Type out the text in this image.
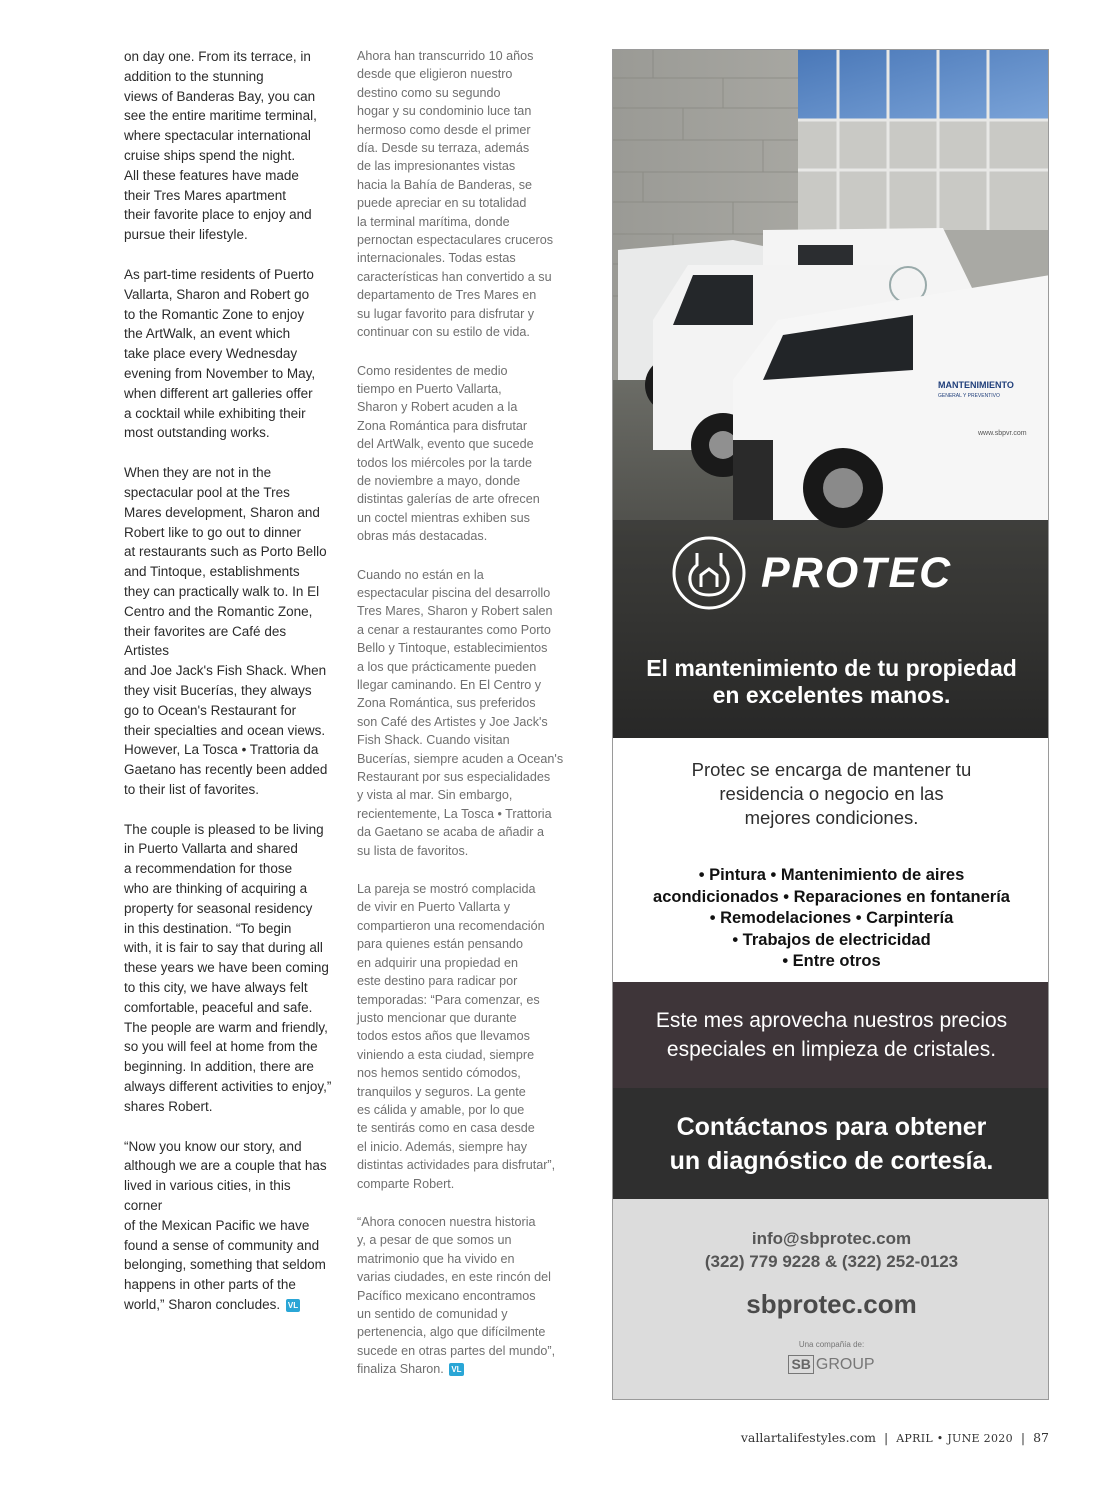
on day one. From its terrace, in
addition to the stunning
views of Banderas Bay, you can
see the entire maritime terminal,
where spectacular international
cruise ships spend the night.
All these features have made
their Tres Mares apartment
their favorite place to enjoy and
pursue their lifestyle.

As part-time residents of Puerto
Vallarta, Sharon and Robert go
to the Romantic Zone to enjoy
the ArtWalk, an event which
take place every Wednesday
evening from November to May,
when different art galleries offer
a cocktail while exhibiting their
most outstanding works.

When they are not in the
spectacular pool at the Tres
Mares development, Sharon and
Robert like to go out to dinner
at restaurants such as Porto Bello
and Tintoque, establishments
they can practically walk to. In El
Centro and the Romantic Zone,
their favorites are Café des Artistes
and Joe Jack's Fish Shack. When
they visit Bucerías, they always
go to Ocean's Restaurant for
their specialties and ocean views.
However, La Tosca • Trattoria da
Gaetano has recently been added
to their list of favorites.

The couple is pleased to be living
in Puerto Vallarta and shared
a recommendation for those
who are thinking of acquiring a
property for seasonal residency
in this destination. “To begin
with, it is fair to say that during all
these years we have been coming
to this city, we have always felt
comfortable, peaceful and safe.
The people are warm and friendly,
so you will feel at home from the
beginning. In addition, there are
always different activities to enjoy,”
shares Robert.

“Now you know our story, and
although we are a couple that has
lived in various cities, in this corner
of the Mexican Pacific we have
found a sense of community and
belonging, something that seldom
happens in other parts of the
world,” Sharon concludes. VL

Ahora han transcurrido 10 años
desde que eligieron nuestro
destino como su segundo
hogar y su condominio luce tan
hermoso como desde el primer
día. Desde su terraza, además
de las impresionantes vistas
hacia la Bahía de Banderas, se
puede apreciar en su totalidad
la terminal marítima, donde
pernoctan espectaculares cruceros
internacionales. Todas estas
características han convertido a su
departamento de Tres Mares en
su lugar favorito para disfrutar y
continuar con su estilo de vida.

Como residentes de medio
tiempo en Puerto Vallarta,
Sharon y Robert acuden a la
Zona Romántica para disfrutar
del ArtWalk, evento que sucede
todos los miércoles por la tarde
de noviembre a mayo, donde
distintas galerías de arte ofrecen
un coctel mientras exhiben sus
obras más destacadas.

Cuando no están en la
espectacular piscina del desarrollo
Tres Mares, Sharon y Robert salen
a cenar a restaurantes como Porto
Bello y Tintoque, establecimientos
a los que prácticamente pueden
llegar caminando. En El Centro y
Zona Romántica, sus preferidos
son Café des Artistes y Joe Jack's
Fish Shack. Cuando visitan
Bucerías, siempre acuden a Ocean's
Restaurant por sus especialidades
y vista al mar. Sin embargo,
recientemente, La Tosca • Trattoria
da Gaetano se acaba de añadir a
su lista de favoritos.

La pareja se mostró complacida
de vivir en Puerto Vallarta y
compartieron una recomendación
para quienes están pensando
en adquirir una propiedad en
este destino para radicar por
temporadas: “Para comenzar, es
justo mencionar que durante
todos estos años que llevamos
viniendo a esta ciudad, siempre
nos hemos sentido cómodos,
tranquilos y seguros. La gente
es cálida y amable, por lo que
te sentirás como en casa desde
el inicio. Además, siempre hay
distintas actividades para disfrutar”,
comparte Robert.

“Ahora conocen nuestra historia
y, a pesar de que somos un
matrimonio que ha vivido en
varias ciudades, en este rincón del
Pacífico mexicano encontramos
un sentido de comunidad y
pertenencia, algo que difícilmente
sucede en otras partes del mundo”,
finaliza Sharon. VL

MANTENIMIENTO
GENERAL Y PREVENTIVO
www.sbpvr.com
PROTEC
El mantenimiento de tu propiedad
en excelentes manos.
Protec se encarga de mantener tu
residencia o negocio en las
mejores condiciones.
• Pintura • Mantenimiento de aires
acondicionados • Reparaciones en fontanería
• Remodelaciones • Carpintería
• Trabajos de electricidad
• Entre otros
Este mes aprovecha nuestros precios
especiales en limpieza de cristales.
Contáctanos para obtener
un diagnóstico de cortesía.
info@sbprotec.com
(322) 779 9228 & (322) 252-0123
sbprotec.com
Una compañía de:
SB GROUP
vallartalifestyles.com | APRIL • JUNE 2020 | 87
